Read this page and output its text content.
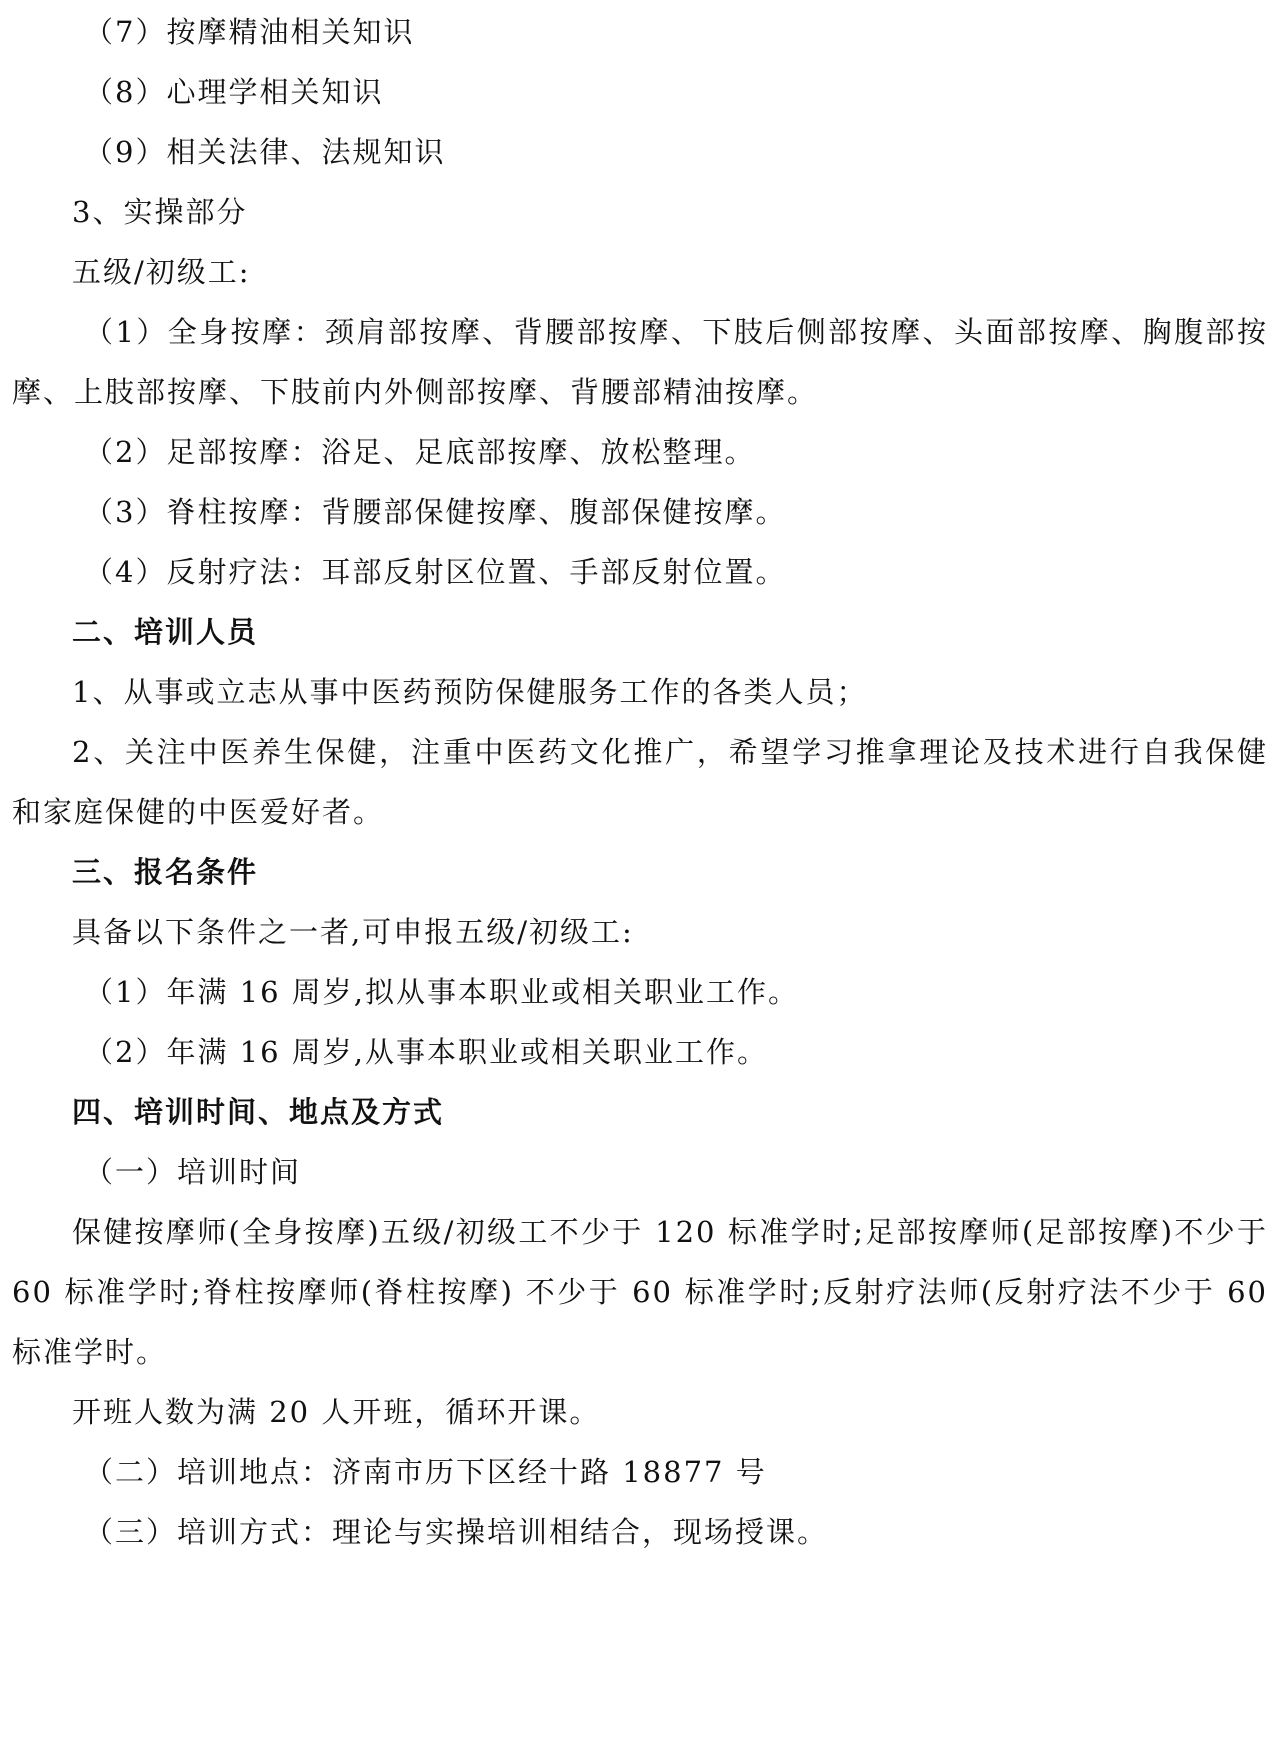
（7）按摩精油相关知识
（8）心理学相关知识
（9）相关法律、法规知识
3、实操部分
五级/初级工:
（1）全身按摩：颈肩部按摩、背腰部按摩、下肢后侧部按摩、头面部按摩、胸腹部按
摩、上肢部按摩、下肢前内外侧部按摩、背腰部精油按摩。
（2）足部按摩：浴足、足底部按摩、放松整理。
（3）脊柱按摩：背腰部保健按摩、腹部保健按摩。
（4）反射疗法：耳部反射区位置、手部反射位置。
二、培训人员
1、从事或立志从事中医药预防保健服务工作的各类人员；
2、关注中医养生保健，注重中医药文化推广，希望学习推拿理论及技术进行自我保健
和家庭保健的中医爱好者。
三、报名条件
具备以下条件之一者,可申报五级/初级工:
（1）年满 16 周岁,拟从事本职业或相关职业工作。
（2）年满 16 周岁,从事本职业或相关职业工作。
四、培训时间、地点及方式
（一）培训时间
保健按摩师(全身按摩)五级/初级工不少于 120 标准学时;足部按摩师(足部按摩)不少于
60 标准学时;脊柱按摩师(脊柱按摩) 不少于 60 标准学时;反射疗法师(反射疗法不少于 60
标准学时。
开班人数为满 20 人开班，循环开课。
（二）培训地点：济南市历下区经十路 18877 号
（三）培训方式：理论与实操培训相结合，现场授课。
